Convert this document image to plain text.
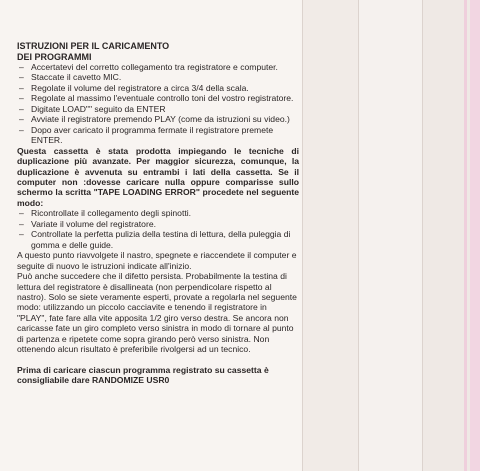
ISTRUZIONI PER IL CARICAMENTO

DEI PROGRAMMI

– Accertatevi del corretto collegamento tra registratore e computer.
– Staccate il cavetto MIC.
– Regolate il volume del registratore a circa 3/4 della scala.
– Regolate al massimo l'eventuale controllo toni del vostro registratore.
– Digitate LOAD"" seguito da ENTER
– Avviate il registratore premendo PLAY (come da istruzioni su video.)
– Dopo aver caricato il programma fermate il registratore premete ENTER.

Questa cassetta è stata prodotta impiegando le tecniche di duplicazione più avanzate. Per maggior sicurezza, comunque, la duplicazione è avvenuta su entrambi i lati della cassetta. Se il computer non :dovesse caricare nulla oppure comparisse sullo schermo la scritta "TAPE LOADING ERROR" procedete nel seguente modo:

– Ricontrollate il collegamento degli spinotti.
– Variate il volume del registratore.
– Controllate la perfetta pulizia della testina di lettura, della puleggia di gomma e delle guide.

A questo punto riavvolgete il nastro, spegnete e riaccendete il computer e seguite di nuovo le istruzioni indicate all'inizio.

Può anche succedere che il difetto persista. Probabilmente la testina di lettura del registratore è disallineata (non perpendicolare rispetto al nastro). Solo se siete veramente esperti, provate a regolarla nel seguente modo: utilizzando un piccolo cacciavite e tenendo il registratore in "PLAY", fate fare alla vite apposita 1/2 giro verso destra. Se ancora non caricasse fate un giro completo verso sinistra in modo di tornare al punto di partenza e ripetete come sopra girando però verso sinistra. Non ottenendo alcun risultato è preferibile rivolgersi ad un tecnico.

Prima di caricare ciascun programma registrato su cassetta è consigliabile dare RANDOMIZE USR0
